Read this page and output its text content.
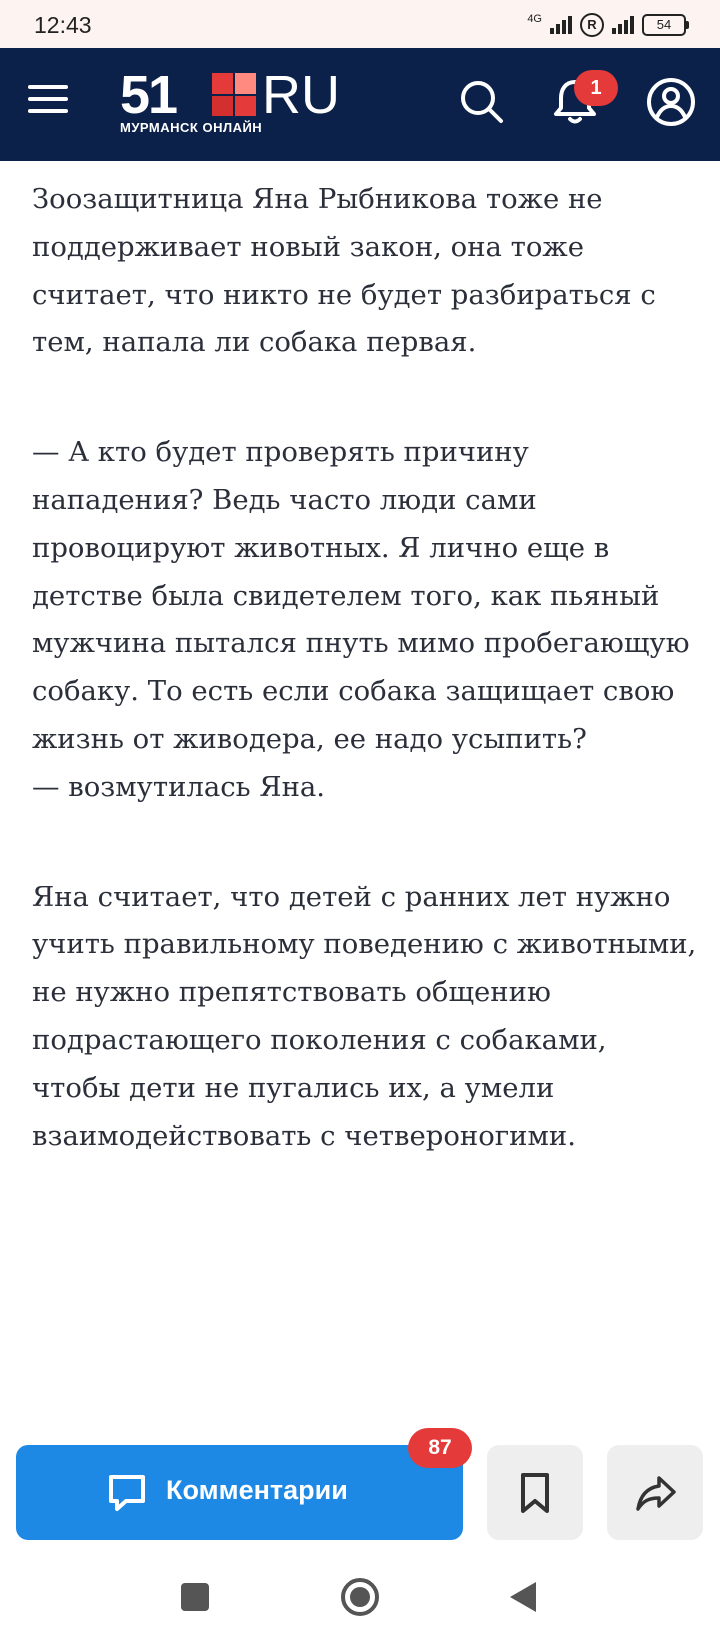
12:43	4G	R	54
51 RU
МУРМАНСК ОНЛАЙН
1

Зоозащитница Яна Рыбникова тоже не поддерживает новый закон, она тоже считает, что никто не будет разбираться с тем, напала ли собака первая.

— А кто будет проверять причину нападения? Ведь часто люди сами провоцируют животных. Я лично еще в детстве была свидетелем того, как пьяный мужчина пытался пнуть мимо пробегающую собаку. То есть если собака защищает свою жизнь от живодера, ее надо усыпить?
— возмутилась Яна.

Яна считает, что детей с ранних лет нужно учить правильному поведению с животными, не нужно препятствовать общению подрастающего поколения с собаками, чтобы дети не пугались их, а умели взаимодействовать с четвероногими.

Комментарии
87
